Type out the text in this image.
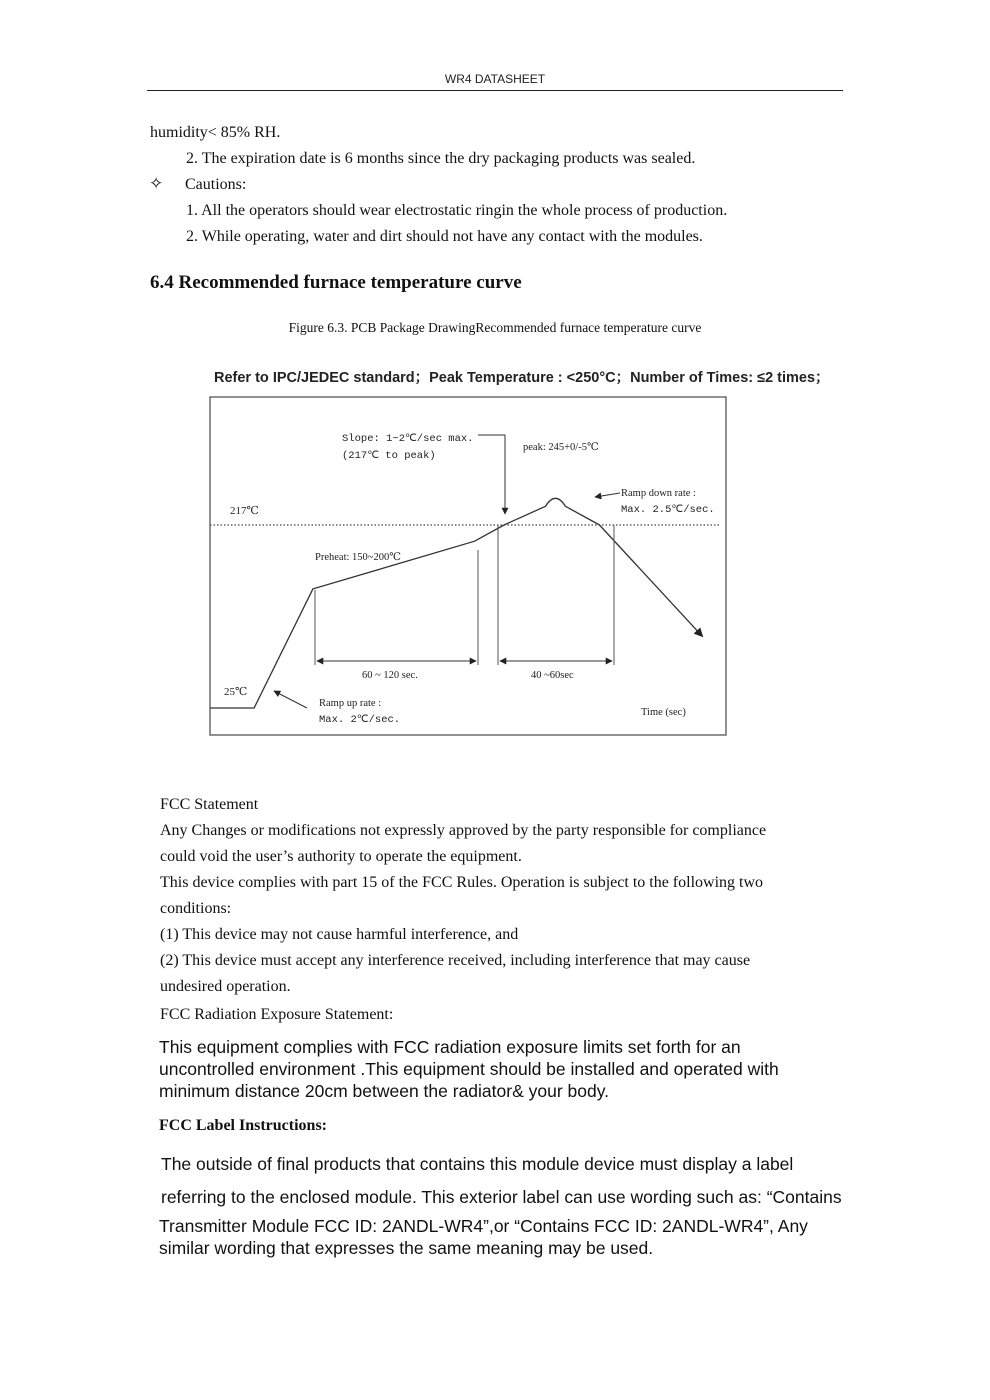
WR4 DATASHEET
humidity< 85% RH.
2. The expiration date is 6 months since the dry packaging products was sealed.
✧ Cautions:
1. All the operators should wear electrostatic ringin the whole process of production.
2. While operating, water and dirt should not have any contact with the modules.
6.4 Recommended furnace temperature curve
Figure 6.3. PCB Package DrawingRecommended furnace temperature curve
Refer to IPC/JEDEC standard；Peak Temperature : <250°C；Number of Times: ≤2 times；
217℃
25℃
60 ~ 120 sec.	40 ~60sec
Slope: 1~2℃/sec max.
(217℃ to peak)
peak: 245+0/-5℃
Ramp down rate :
Max. 2.5℃/sec.
Preheat: 150~200℃
Ramp up rate :
Max. 2℃/sec.
Time (sec)
FCC Statement
Any Changes or modifications not expressly approved by the party responsible for compliance
could void the user’s authority to operate the equipment.
This device complies with part 15 of the FCC Rules. Operation is subject to the following two
conditions:
(1) This device may not cause harmful interference, and
(2) This device must accept any interference received, including interference that may cause
undesired operation.
FCC Radiation Exposure Statement:
This equipment complies with FCC radiation exposure limits set forth for an
uncontrolled environment .This equipment should be installed and operated with
minimum distance 20cm between the radiator& your body.
FCC Label Instructions:
The outside of final products that contains this module device must display a label
referring to the enclosed module. This exterior label can use wording such as: “Contains
Transmitter Module FCC ID: 2ANDL-WR4”,or “Contains FCC ID: 2ANDL-WR4”, Any
similar wording that expresses the same meaning may be used.
